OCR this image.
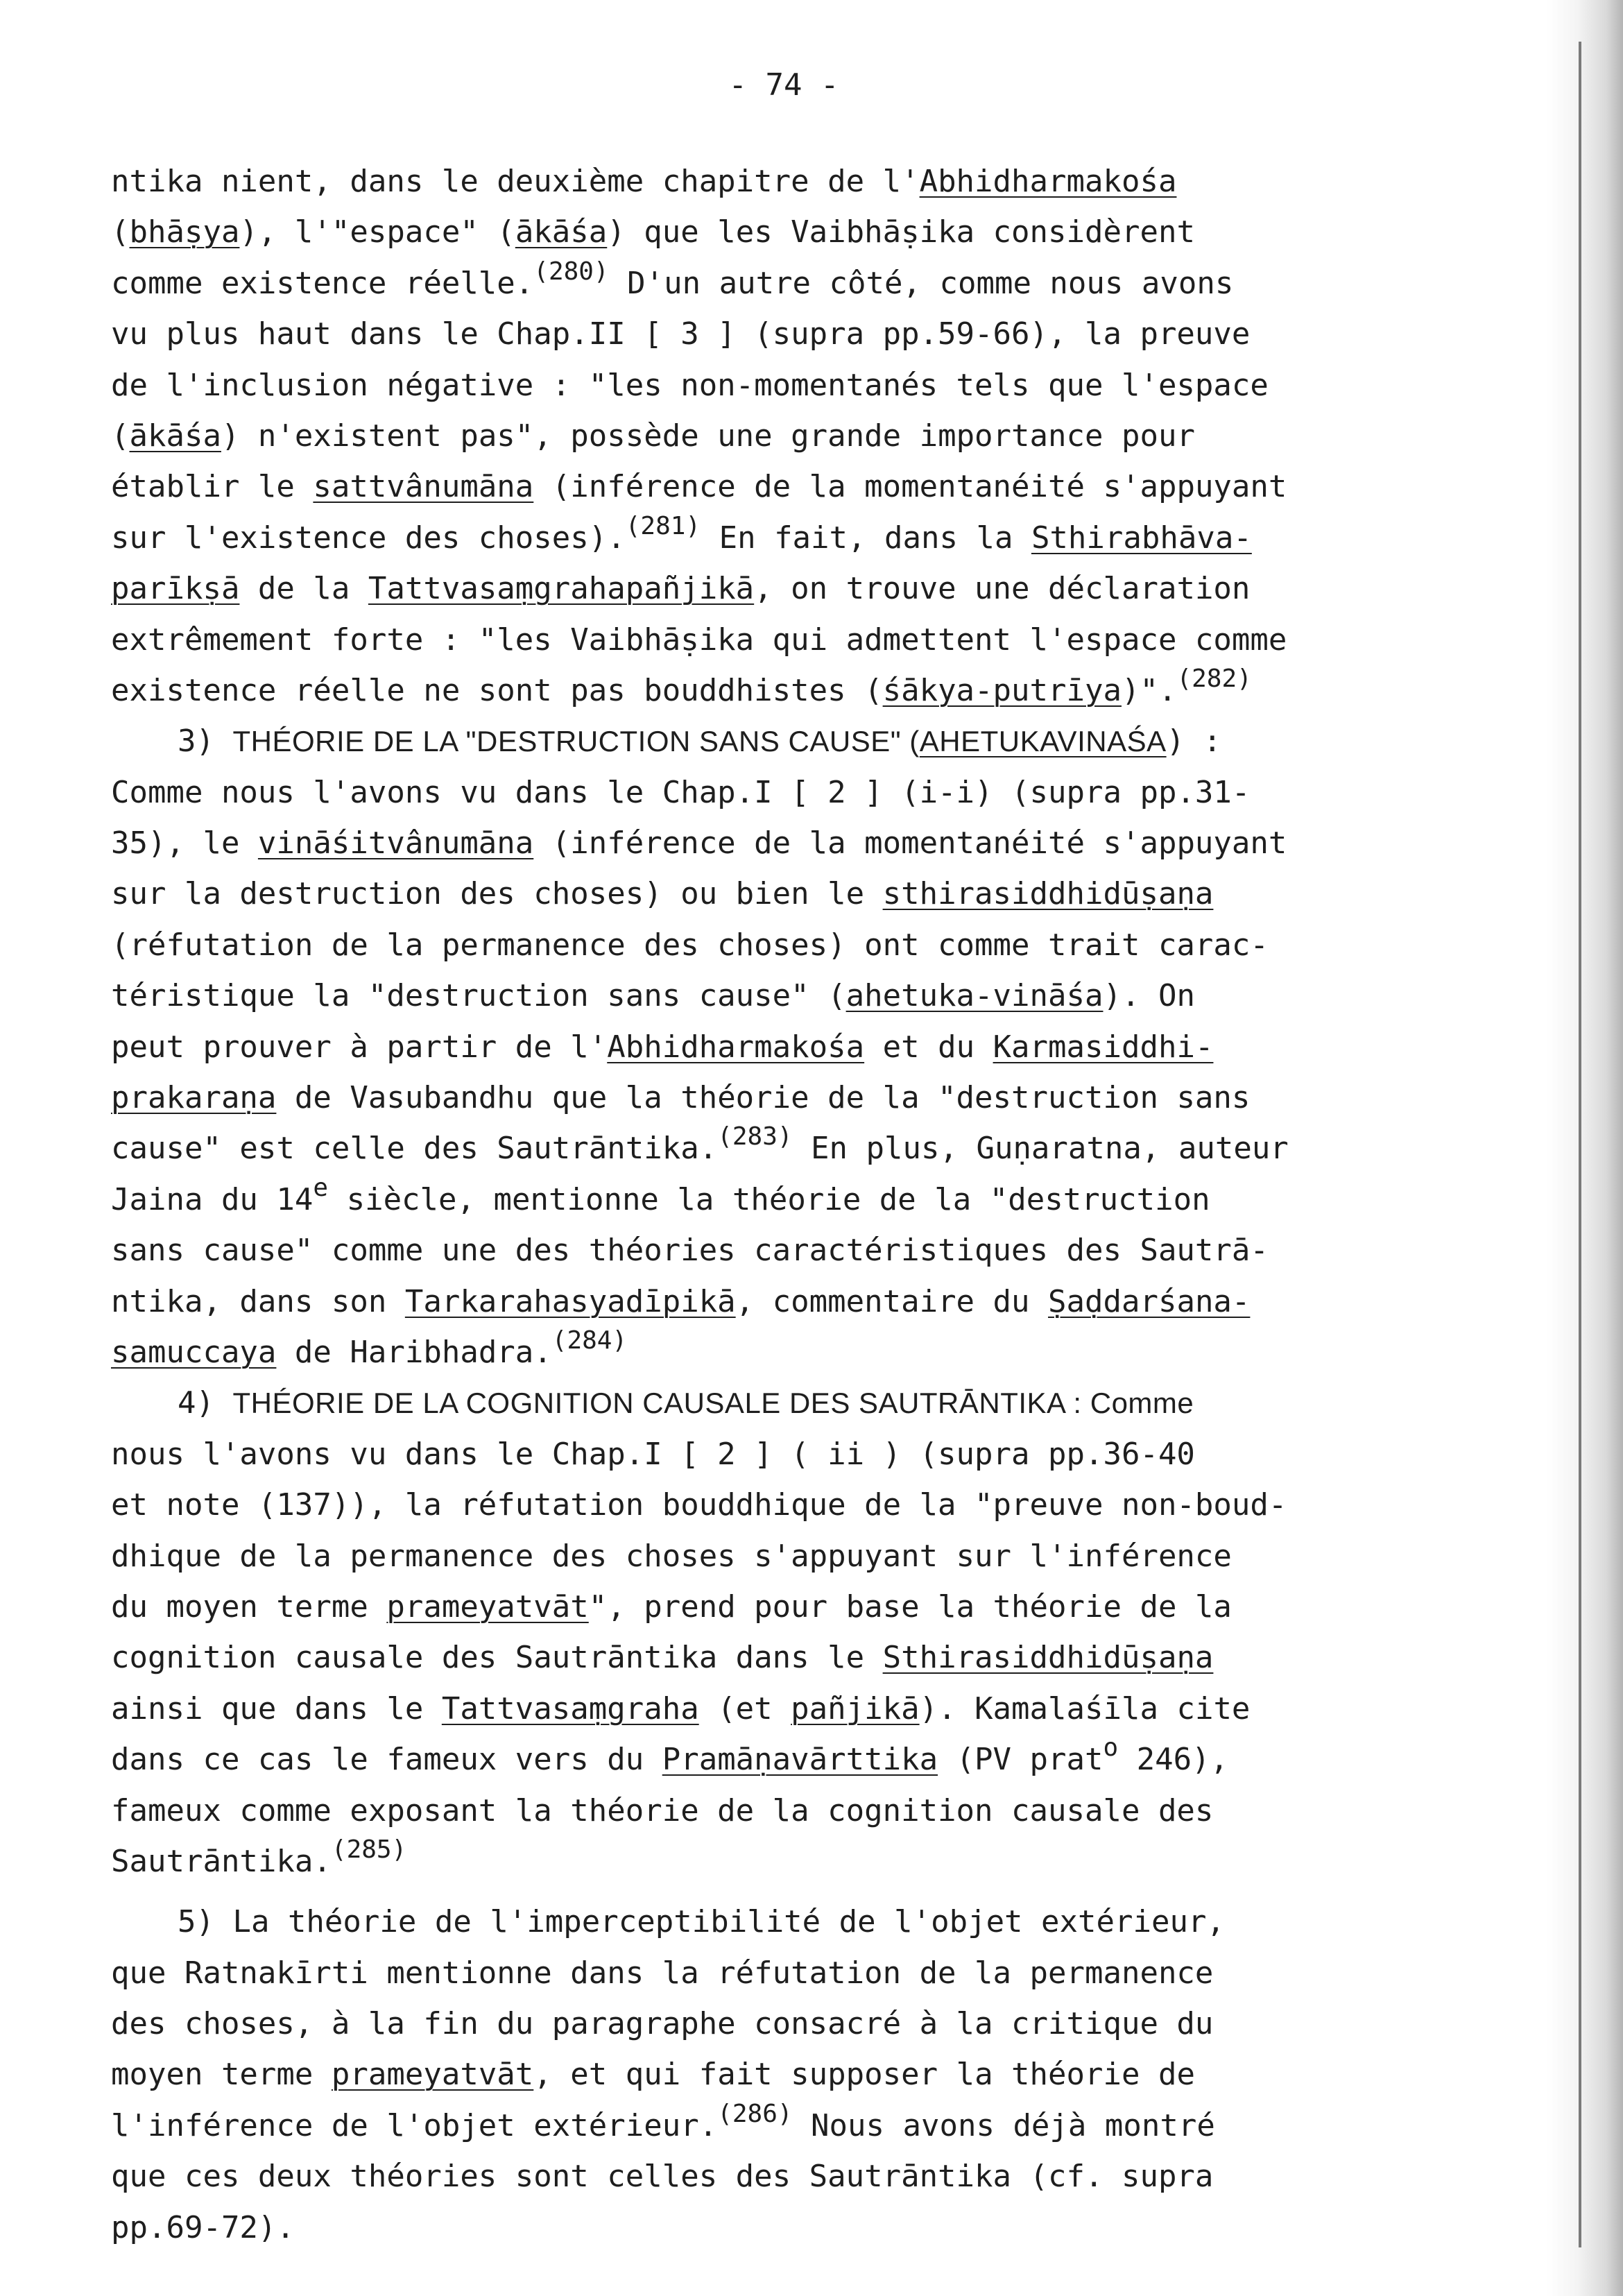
- 74 -
ntika nient, dans le deuxième chapitre de l'Abhidharmakośa
(bhāṣya), l'"espace" (ākāśa) que les Vaibhāṣika considèrent
comme existence réelle.$^{(280)}$ D'un autre côté, comme nous avons
vu plus haut dans le Chap.II [ 3 ] (supra pp.59-66), la preuve
de l'inclusion négative : "les non-momentanés tels que l'espace
(ākāśa) n'existent pas", possède une grande importance pour
établir le sattvânumāna (inférence de la momentanéité s'appuyant
sur l'existence des choses).$^{(281)}$ En fait, dans la Sthirabhāva-
parīkṣā de la Tattvasaṃgrahapañjikā, on trouve une déclaration
extrêmement forte : "les Vaibhāṣika qui admettent l'espace comme
existence réelle ne sont pas bouddhistes (śākya-putrīya)".$^{(282)}$
3) THÉORIE DE LA "DESTRUCTION SANS CAUSE" (AHETUKAVINAŚA) :
Comme nous l'avons vu dans le Chap.I [ 2 ] (i-i) (supra pp.31-
35), le vināśitvânumāna (inférence de la momentanéité s'appuyant
sur la destruction des choses) ou bien le sthirasiddhidūṣaṇa
(réfutation de la permanence des choses) ont comme trait carac-
téristique la "destruction sans cause" (ahetuka-vināśa). On
peut prouver à partir de l'Abhidharmakośa et du Karmasiddhi-
prakaraṇa de Vasubandhu que la théorie de la "destruction sans
cause" est celle des Sautrāntika.$^{(283)}$ En plus, Guṇaratna, auteur
Jaina du 14e siècle, mentionne la théorie de la "destruction
sans cause" comme une des théories caractéristiques des Sautrā-
ntika, dans son Tarkarahasyadīpikā, commentaire du Ṣaḍdarśana-
samuccaya de Haribhadra.$^{(284)}$
4) THÉORIE DE LA COGNITION CAUSALE DES SAUTRĀNTIKA : Comme
nous l'avons vu dans le Chap.I [ 2 ] ( ii ) (supra pp.36-40
et note (137)), la réfutation bouddhique de la "preuve non-boud-
dhique de la permanence des choses s'appuyant sur l'inférence
du moyen terme prameyatvāt", prend pour base la théorie de la
cognition causale des Sautrāntika dans le Sthirasiddhidūṣaṇa
ainsi que dans le Tattvasaṃgraha (et pañjikā). Kamalaśīla cite
dans ce cas le fameux vers du Pramāṇavārttika (PV prat$^o$ 246),
fameux comme exposant la théorie de la cognition causale des
Sautrāntika.$^{(285)}$
5) La théorie de l'imperceptibilité de l'objet extérieur,
que Ratnakīrti mentionne dans la réfutation de la permanence
des choses, à la fin du paragraphe consacré à la critique du
moyen terme prameyatvāt, et qui fait supposer la théorie de
l'inférence de l'objet extérieur.$^{(286)}$ Nous avons déjà montré
que ces deux théories sont celles des Sautrāntika (cf. supra
pp.69-72).
